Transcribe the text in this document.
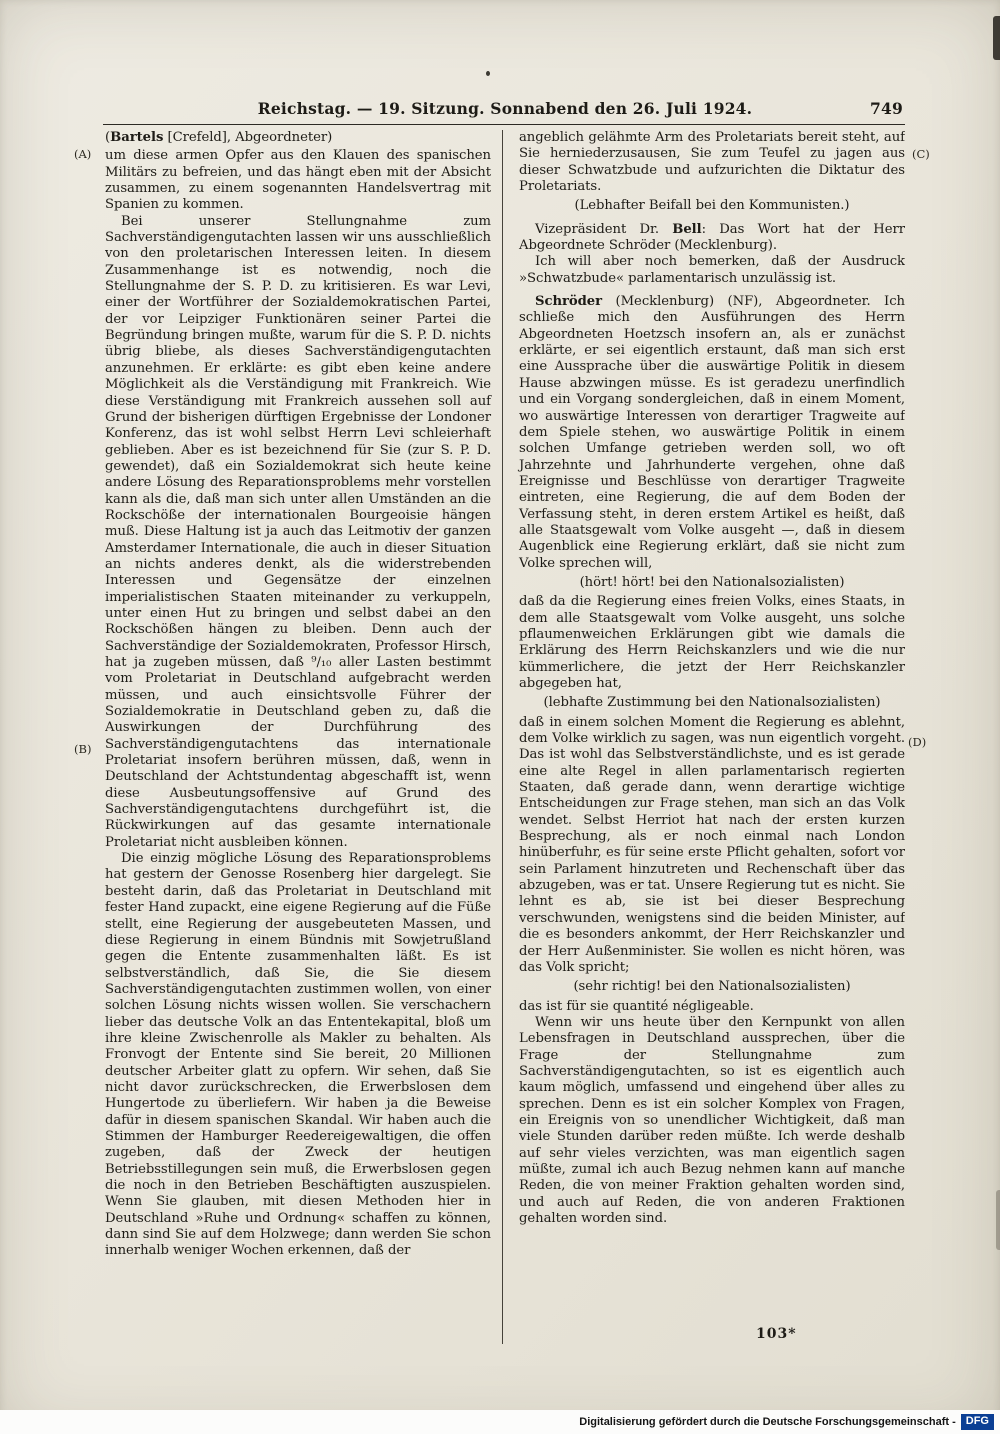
Reichstag. — 19. Sitzung. Sonnabend den 26. Juli 1924.	749
(A)
(B)
(C)
(D)

(Bartels [Crefeld], Abgeordneter)

um diese armen Opfer aus den Klauen des spanischen Militärs zu befreien, und das hängt eben mit der Absicht zusammen, zu einem sogenannten Handelsvertrag mit Spanien zu kommen.

Bei unserer Stellungnahme zum Sachverständigengutachten lassen wir uns ausschließlich von den proletarischen Interessen leiten. In diesem Zusammenhange ist es notwendig, noch die Stellungnahme der S. P. D. zu kritisieren. Es war Levi, einer der Wortführer der Sozialdemokratischen Partei, der vor Leipziger Funktionären seiner Partei die Begründung bringen mußte, warum für die S. P. D. nichts übrig bliebe, als dieses Sachverständigengutachten anzunehmen. Er erklärte: es gibt eben keine andere Möglichkeit als die Verständigung mit Frankreich. Wie diese Verständigung mit Frankreich aussehen soll auf Grund der bisherigen dürftigen Ergebnisse der Londoner Konferenz, das ist wohl selbst Herrn Levi schleierhaft geblieben. Aber es ist bezeichnend für Sie (zur S. P. D. gewendet), daß ein Sozialdemokrat sich heute keine andere Lösung des Reparationsproblems mehr vorstellen kann als die, daß man sich unter allen Umständen an die Rockschöße der internationalen Bourgeoisie hängen muß. Diese Haltung ist ja auch das Leitmotiv der ganzen Amsterdamer Internationale, die auch in dieser Situation an nichts anderes denkt, als die widerstrebenden Interessen und Gegensätze der einzelnen imperialistischen Staaten miteinander zu verkuppeln, unter einen Hut zu bringen und selbst dabei an den Rockschößen hängen zu bleiben. Denn auch der Sachverständige der Sozialdemokraten, Professor Hirsch, hat ja zugeben müssen, daß ⁹/₁₀ aller Lasten bestimmt vom Proletariat in Deutschland aufgebracht werden müssen, und auch einsichtsvolle Führer der Sozialdemokratie in Deutschland geben zu, daß die Auswirkungen der Durchführung des Sachverständigengutachtens das internationale Proletariat insofern berühren müssen, daß, wenn in Deutschland der Achtstundentag abgeschafft ist, wenn diese Ausbeutungsoffensive auf Grund des Sachverständigengutachtens durchgeführt ist, die Rückwirkungen auf das gesamte internationale Proletariat nicht ausbleiben können.

Die einzig mögliche Lösung des Reparationsproblems hat gestern der Genosse Rosenberg hier dargelegt. Sie besteht darin, daß das Proletariat in Deutschland mit fester Hand zupackt, eine eigene Regierung auf die Füße stellt, eine Regierung der ausgebeuteten Massen, und diese Regierung in einem Bündnis mit Sowjetrußland gegen die Entente zusammenhalten läßt. Es ist selbstverständlich, daß Sie, die Sie diesem Sachverständigengutachten zustimmen wollen, von einer solchen Lösung nichts wissen wollen. Sie verschachern lieber das deutsche Volk an das Ententekapital, bloß um ihre kleine Zwischenrolle als Makler zu behalten. Als Fronvogt der Entente sind Sie bereit, 20 Millionen deutscher Arbeiter glatt zu opfern. Wir sehen, daß Sie nicht davor zurückschrecken, die Erwerbslosen dem Hungertode zu überliefern. Wir haben ja die Beweise dafür in diesem spanischen Skandal. Wir haben auch die Stimmen der Hamburger Reedereigewaltigen, die offen zugeben, daß der Zweck der heutigen Betriebsstillegungen sein muß, die Erwerbslosen gegen die noch in den Betrieben Beschäftigten auszuspielen. Wenn Sie glauben, mit diesen Methoden hier in Deutschland »Ruhe und Ordnung« schaffen zu können, dann sind Sie auf dem Holzwege; dann werden Sie schon innerhalb weniger Wochen erkennen, daß der

angeblich gelähmte Arm des Proletariats bereit steht, auf Sie herniederzusausen, Sie zum Teufel zu jagen aus dieser Schwatzbude und aufzurichten die Diktatur des Proletariats.

(Lebhafter Beifall bei den Kommunisten.)

Vizepräsident Dr. Bell: Das Wort hat der Herr Abgeordnete Schröder (Mecklenburg).

Ich will aber noch bemerken, daß der Ausdruck »Schwatzbude« parlamentarisch unzulässig ist.

Schröder (Mecklenburg) (NF), Abgeordneter. Ich schließe mich den Ausführungen des Herrn Abgeordneten Hoetzsch insofern an, als er zunächst erklärte, er sei eigentlich erstaunt, daß man sich erst eine Aussprache über die auswärtige Politik in diesem Hause abzwingen müsse. Es ist geradezu unerfindlich und ein Vorgang sondergleichen, daß in einem Moment, wo auswärtige Interessen von derartiger Tragweite auf dem Spiele stehen, wo auswärtige Politik in einem solchen Umfange getrieben werden soll, wo oft Jahrzehnte und Jahrhunderte vergehen, ohne daß Ereignisse und Beschlüsse von derartiger Tragweite eintreten, eine Regierung, die auf dem Boden der Verfassung steht, in deren erstem Artikel es heißt, daß alle Staatsgewalt vom Volke ausgeht —, daß in diesem Augenblick eine Regierung erklärt, daß sie nicht zum Volke sprechen will,

(hört! hört! bei den Nationalsozialisten)

daß da die Regierung eines freien Volks, eines Staats, in dem alle Staatsgewalt vom Volke ausgeht, uns solche pflaumenweichen Erklärungen gibt wie damals die Erklärung des Herrn Reichskanzlers und wie die nur kümmerlichere, die jetzt der Herr Reichskanzler abgegeben hat,

(lebhafte Zustimmung bei den Nationalsozialisten)

daß in einem solchen Moment die Regierung es ablehnt, dem Volke wirklich zu sagen, was nun eigentlich vorgeht. Das ist wohl das Selbstverständlichste, und es ist gerade eine alte Regel in allen parlamentarisch regierten Staaten, daß gerade dann, wenn derartige wichtige Entscheidungen zur Frage stehen, man sich an das Volk wendet. Selbst Herriot hat nach der ersten kurzen Besprechung, als er noch einmal nach London hinüberfuhr, es für seine erste Pflicht gehalten, sofort vor sein Parlament hinzutreten und Rechenschaft über das abzugeben, was er tat. Unsere Regierung tut es nicht. Sie lehnt es ab, sie ist bei dieser Besprechung verschwunden, wenigstens sind die beiden Minister, auf die es besonders ankommt, der Herr Reichskanzler und der Herr Außenminister. Sie wollen es nicht hören, was das Volk spricht;

(sehr richtig! bei den Nationalsozialisten)

das ist für sie quantité négligeable.

Wenn wir uns heute über den Kernpunkt von allen Lebensfragen in Deutschland aussprechen, über die Frage der Stellungnahme zum Sachverständigengutachten, so ist es eigentlich auch kaum möglich, umfassend und eingehend über alles zu sprechen. Denn es ist ein solcher Komplex von Fragen, ein Ereignis von so unendlicher Wichtigkeit, daß man viele Stunden darüber reden müßte. Ich werde deshalb auf sehr vieles verzichten, was man eigentlich sagen müßte, zumal ich auch Bezug nehmen kann auf manche Reden, die von meiner Fraktion gehalten worden sind, und auch auf Reden, die von anderen Fraktionen gehalten worden sind.

103*
Digitalisierung gefördert durch die Deutsche Forschungsgemeinschaft - DFG
